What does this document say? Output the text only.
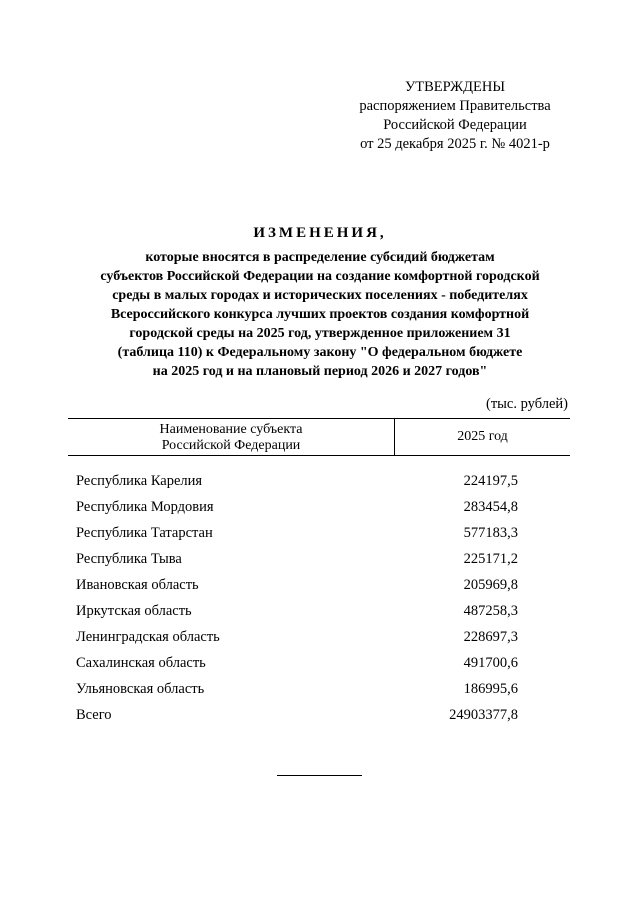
УТВЕРЖДЕНЫ
распоряжением Правительства
Российской Федерации
от 25 декабря 2025 г. № 4021-р
ИЗМЕНЕНИЯ,
которые вносятся в распределение субсидий бюджетам
субъектов Российской Федерации на создание комфортной городской
среды в малых городах и исторических поселениях - победителях
Всероссийского конкурса лучших проектов создания комфортной
городской среды на 2025 год, утвержденное приложением 31
(таблица 110) к Федеральному закону "О федеральном бюджете
на 2025 год и на плановый период 2026 и 2027 годов"
(тыс. рублей)
Наименование субъекта
Российской Федерации
2025 год
Республика Карелия	224197,5
Республика Мордовия	283454,8
Республика Татарстан	577183,3
Республика Тыва	225171,2
Ивановская область	205969,8
Иркутская область	487258,3
Ленинградская область	228697,3
Сахалинская область	491700,6
Ульяновская область	186995,6
Всего	24903377,8
